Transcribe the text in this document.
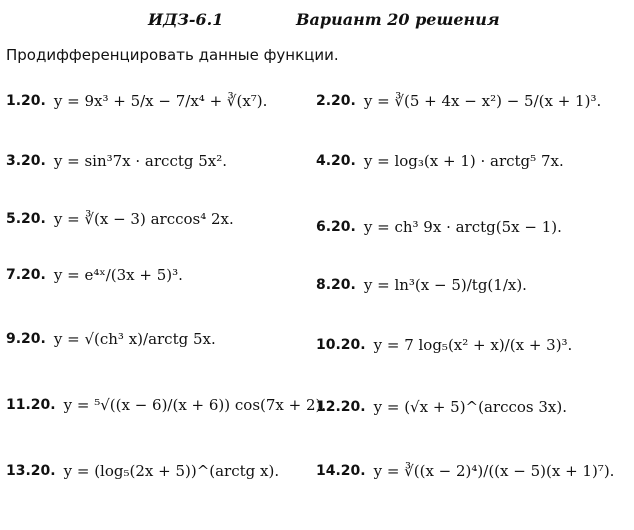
ИДЗ-6.1	Вариант 20 решения
Продифференцировать данные функции.
1.20. y = 9x³ + 5/x − 7/x⁴ + ∛(x⁷).
3.20. y = sin³7x · arcctg 5x².
5.20. y = ∛(x − 3) arccos⁴ 2x.
7.20. y = e⁴ˣ/(3x + 5)³.
9.20. y = √(ch³ x)/arctg 5x.
11.20. y = ⁵√((x − 6)/(x + 6)) cos(7x + 2).
13.20. y = (log₅(2x + 5))^(arctg x).
2.20. y = ∛(5 + 4x − x²) − 5/(x + 1)³.
4.20. y = log₃(x + 1) · arctg⁵ 7x.
6.20. y = ch³ 9x · arctg(5x − 1).
8.20. y = ln³(x − 5)/tg(1/x).
10.20. y = 7 log₅(x² + x)/(x + 3)³.
12.20. y = (√x + 5)^(arccos 3x).
14.20. y = ∛((x − 2)⁴)/((x − 5)(x + 1)⁷).
